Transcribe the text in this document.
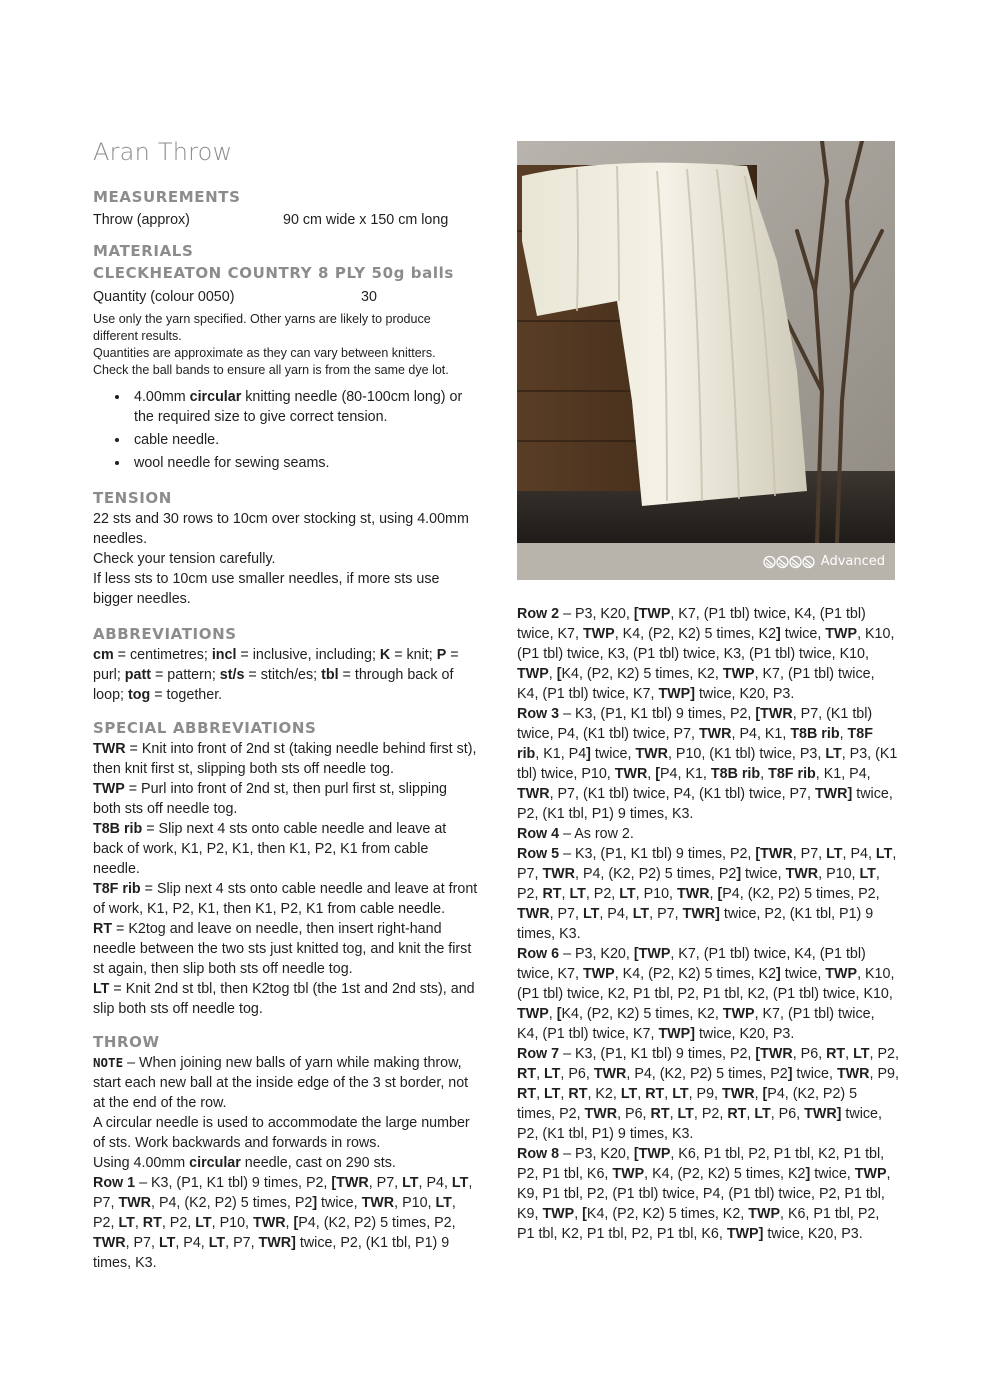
Aran Throw
MEASUREMENTS
Throw (approx)	90 cm wide x 150 cm long
MATERIALS
CLECKHEATON COUNTRY 8 PLY 50g balls
Quantity (colour 0050)	30

Use only the yarn specified. Other yarns are likely to produce different results.

Quantities are approximate as they can vary between knitters.

Check the ball bands to ensure all yarn is from the same dye lot.

• 4.00mm circular knitting needle (80-100cm long) or the required size to give correct tension.
• cable needle.
• wool needle for sewing seams.
TENSION

22 sts and 30 rows to 10cm over stocking st, using 4.00mm needles.

Check your tension carefully.

If less sts to 10cm use smaller needles, if more sts use bigger needles.

ABBREVIATIONS

cm = centimetres; incl = inclusive, including; K = knit; P = purl; patt = pattern; st/s = stitch/es; tbl = through back of loop; tog = together.

SPECIAL ABBREVIATIONS

TWR = Knit into front of 2nd st (taking needle behind first st), then knit first st, slipping both sts off needle tog.

TWP = Purl into front of 2nd st, then purl first st, slipping both sts off needle tog.

T8B rib = Slip next 4 sts onto cable needle and leave at back of work, K1, P2, K1, then K1, P2, K1 from cable needle.

T8F rib = Slip next 4 sts onto cable needle and leave at front of work, K1, P2, K1, then K1, P2, K1 from cable needle.

RT = K2tog and leave on needle, then insert right-hand needle between the two sts just knitted tog, and knit the first st again, then slip both sts off needle tog.

LT = Knit 2nd st tbl, then K2tog tbl (the 1st and 2nd sts), and slip both sts off needle tog.

THROW

NOTE – When joining new balls of yarn while making throw, start each new ball at the inside edge of the 3 st border, not at the end of the row.

A circular needle is used to accommodate the large number of sts. Work backwards and forwards in rows.

Using 4.00mm circular needle, cast on 290 sts.

Row 1 – K3, (P1, K1 tbl) 9 times, P2, [TWR, P7, LT, P4, LT, P7, TWR, P4, (K2, P2) 5 times, P2] twice, TWR, P10, LT, P2, LT, RT, P2, LT, P10, TWR, [P4, (K2, P2) 5 times, P2, TWR, P7, LT, P4, LT, P7, TWR] twice, P2, (K1 tbl, P1) 9 times, K3.

Advanced

Row 2 – P3, K20, [TWP, K7, (P1 tbl) twice, K4, (P1 tbl) twice, K7, TWP, K4, (P2, K2) 5 times, K2] twice, TWP, K10, (P1 tbl) twice, K3, (P1 tbl) twice, K3, (P1 tbl) twice, K10, TWP, [K4, (P2, K2) 5 times, K2, TWP, K7, (P1 tbl) twice, K4, (P1 tbl) twice, K7, TWP] twice, K20, P3.

Row 3 – K3, (P1, K1 tbl) 9 times, P2, [TWR, P7, (K1 tbl) twice, P4, (K1 tbl) twice, P7, TWR, P4, K1, T8B rib, T8F rib, K1, P4] twice, TWR, P10, (K1 tbl) twice, P3, LT, P3, (K1 tbl) twice, P10, TWR, [P4, K1, T8B rib, T8F rib, K1, P4, TWR, P7, (K1 tbl) twice, P4, (K1 tbl) twice, P7, TWR] twice, P2, (K1 tbl, P1) 9 times, K3.

Row 4 – As row 2.

Row 5 – K3, (P1, K1 tbl) 9 times, P2, [TWR, P7, LT, P4, LT, P7, TWR, P4, (K2, P2) 5 times, P2] twice, TWR, P10, LT, P2, RT, LT, P2, LT, P10, TWR, [P4, (K2, P2) 5 times, P2, TWR, P7, LT, P4, LT, P7, TWR] twice, P2, (K1 tbl, P1) 9 times, K3.

Row 6 – P3, K20, [TWP, K7, (P1 tbl) twice, K4, (P1 tbl) twice, K7, TWP, K4, (P2, K2) 5 times, K2] twice, TWP, K10, (P1 tbl) twice, K2, P1 tbl, P2, P1 tbl, K2, (P1 tbl) twice, K10, TWP, [K4, (P2, K2) 5 times, K2, TWP, K7, (P1 tbl) twice, K4, (P1 tbl) twice, K7, TWP] twice, K20, P3.

Row 7 – K3, (P1, K1 tbl) 9 times, P2, [TWR, P6, RT, LT, P2, RT, LT, P6, TWR, P4, (K2, P2) 5 times, P2] twice, TWR, P9, RT, LT, RT, K2, LT, RT, LT, P9, TWR, [P4, (K2, P2) 5 times, P2, TWR, P6, RT, LT, P2, RT, LT, P6, TWR] twice, P2, (K1 tbl, P1) 9 times, K3.

Row 8 – P3, K20, [TWP, K6, P1 tbl, P2, P1 tbl, K2, P1 tbl, P2, P1 tbl, K6, TWP, K4, (P2, K2) 5 times, K2] twice, TWP, K9, P1 tbl, P2, (P1 tbl) twice, P4, (P1 tbl) twice, P2, P1 tbl, K9, TWP, [K4, (P2, K2) 5 times, K2, TWP, K6, P1 tbl, P2, P1 tbl, K2, P1 tbl, P2, P1 tbl, K6, TWP] twice, K20, P3.
